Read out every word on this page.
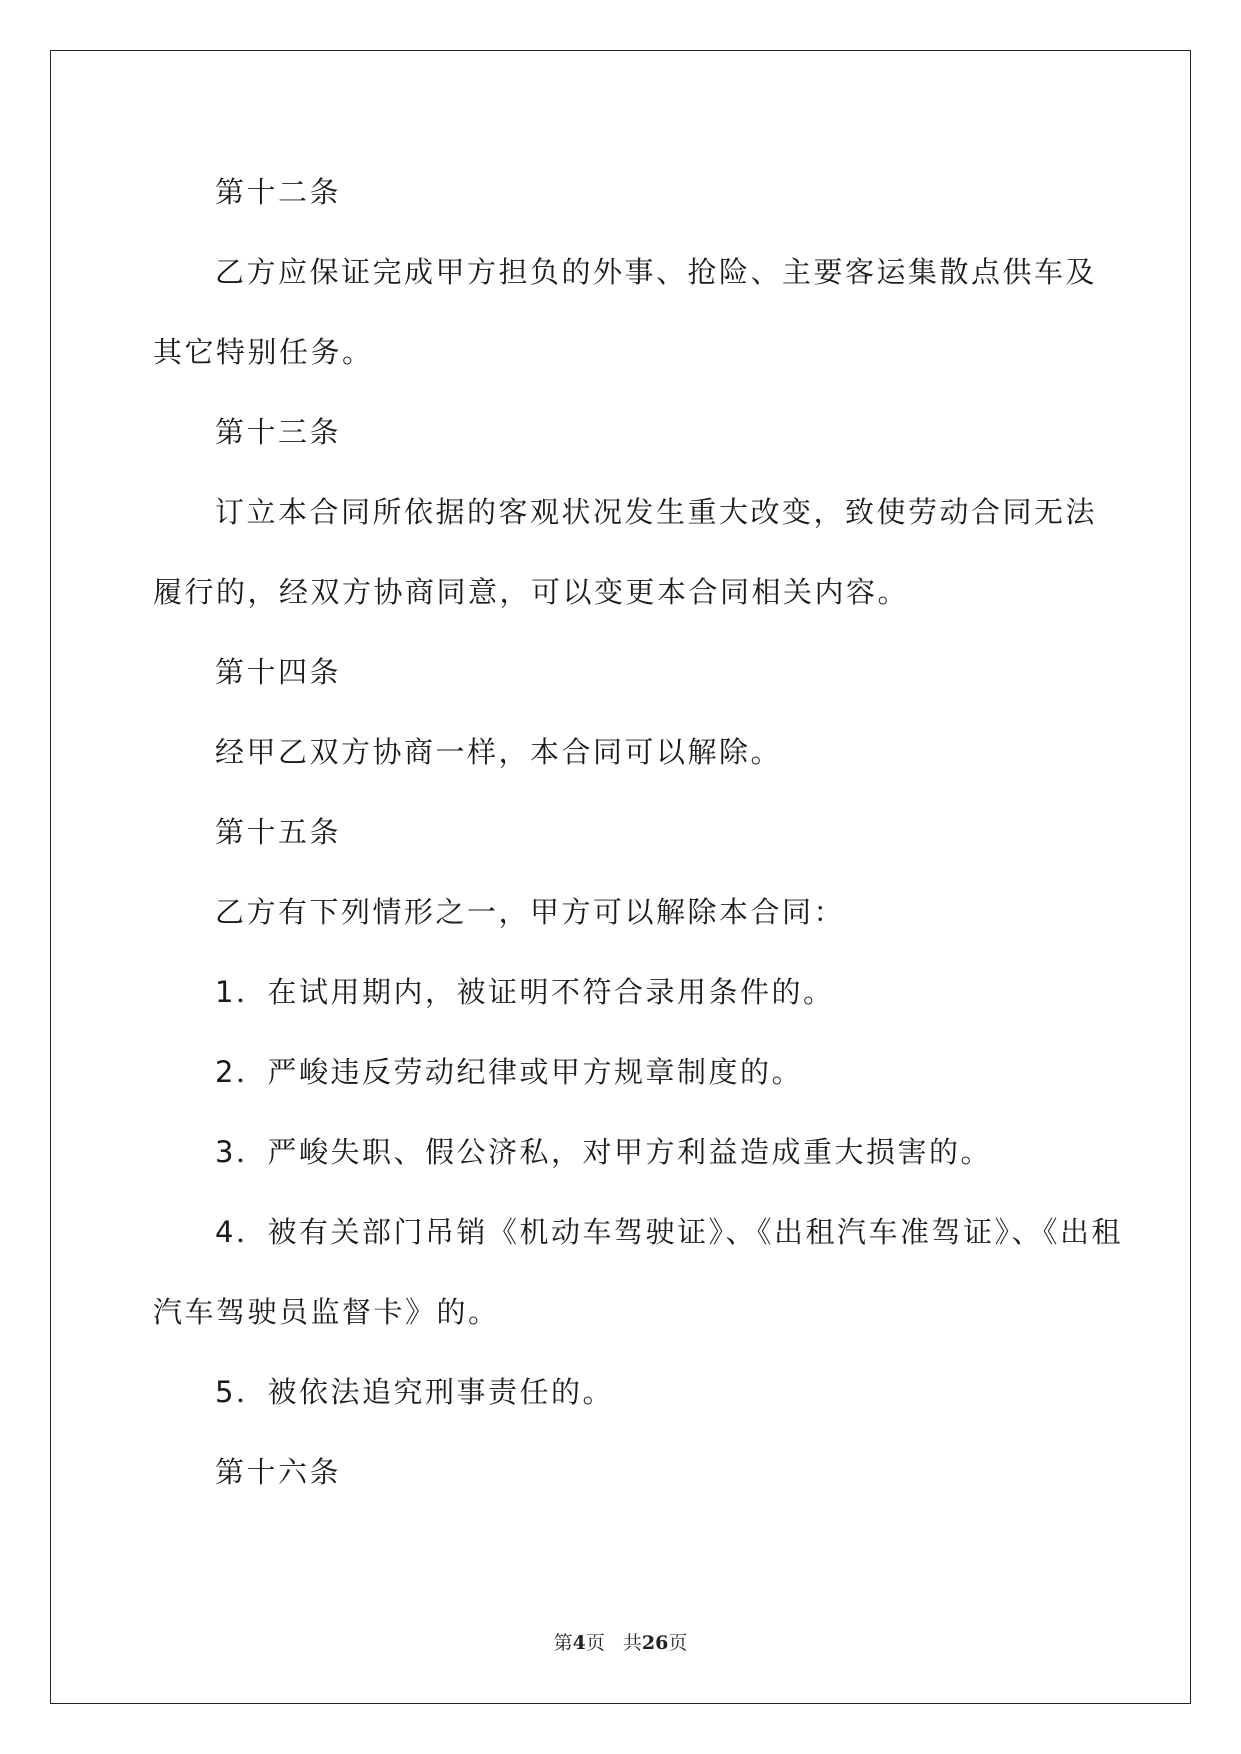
第十二条
乙方应保证完成甲方担负的外事、抢险、主要客运集散点供车及
其它特别任务。
第十三条
订立本合同所依据的客观状况发生重大改变，致使劳动合同无法
履行的，经双方协商同意，可以变更本合同相关内容。
第十四条
经甲乙双方协商一样，本合同可以解除。
第十五条
乙方有下列情形之一，甲方可以解除本合同：
1．在试用期内，被证明不符合录用条件的。
2．严峻违反劳动纪律或甲方规章制度的。
3．严峻失职、假公济私，对甲方利益造成重大损害的。
4．被有关部门吊销《机动车驾驶证》、《出租汽车准驾证》、《出租
汽车驾驶员监督卡》的。
5．被依法追究刑事责任的。
第十六条
第4页 共26页
